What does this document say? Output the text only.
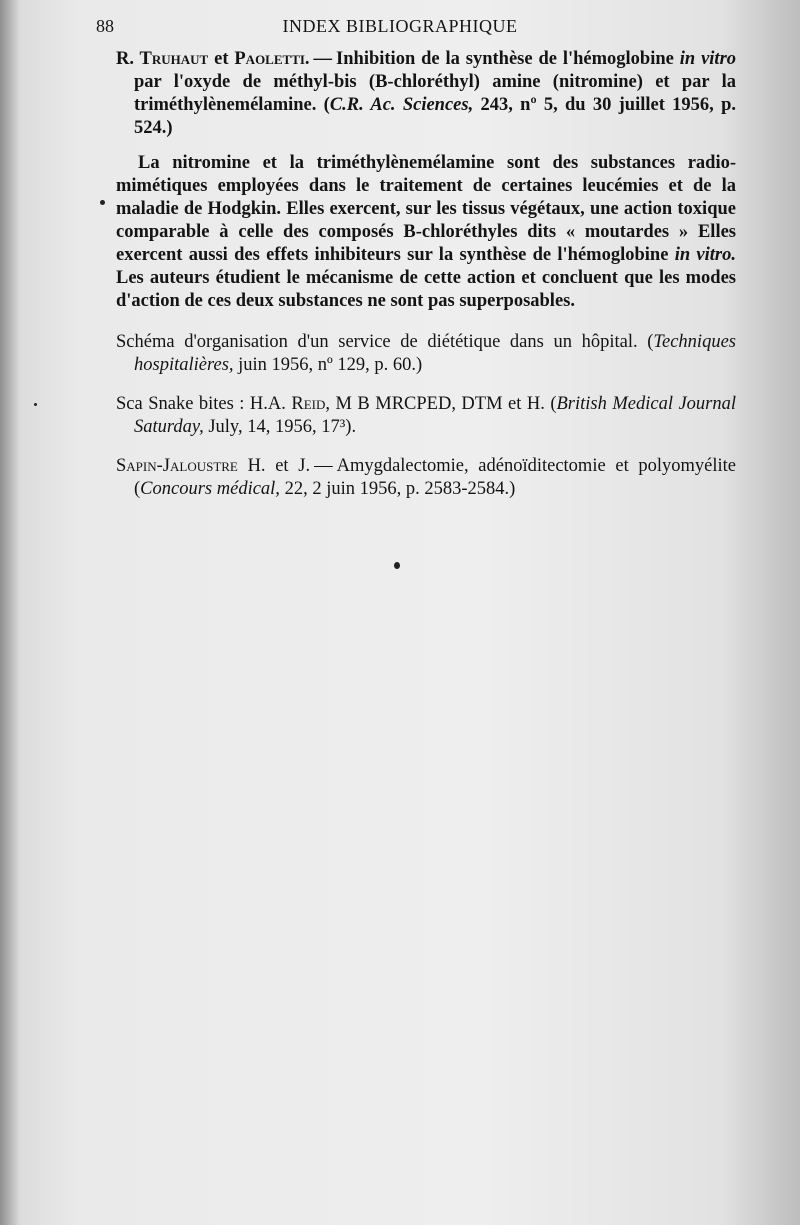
88	INDEX BIBLIOGRAPHIQUE

R. Truhaut et Paoletti. — Inhibition de la synthèse de l'hémoglobine in vitro par l'oxyde de méthyl-bis (B-chloréthyl) amine (nitromine) et par la triméthylènemélamine. (C.R. Ac. Sciences, 243, nº 5, du 30 juillet 1956, p. 524.)

La nitromine et la triméthylènemélamine sont des substances radio-mimétiques employées dans le traitement de certaines leucémies et de la maladie de Hodgkin. Elles exercent, sur les tissus végétaux, une action toxique comparable à celle des composés B-chloréthyles dits « moutardes » Elles exercent aussi des effets inhibiteurs sur la synthèse de l'hémoglobine in vitro. Les auteurs étudient le mécanisme de cette action et concluent que les modes d'action de ces deux substances ne sont pas superposables.

Schéma d'organisation d'un service de diététique dans un hôpital. (Techniques hospitalières, juin 1956, nº 129, p. 60.)

Sca Snake bites : H.A. Reid, M B MRCPED, DTM et H. (British Medical Journal Saturday, July, 14, 1956, 17³).

Sapin-Jaloustre H. et J. — Amygdalectomie, adénoïditectomie et polyomyélite (Concours médical, 22, 2 juin 1956, p. 2583-2584.)
